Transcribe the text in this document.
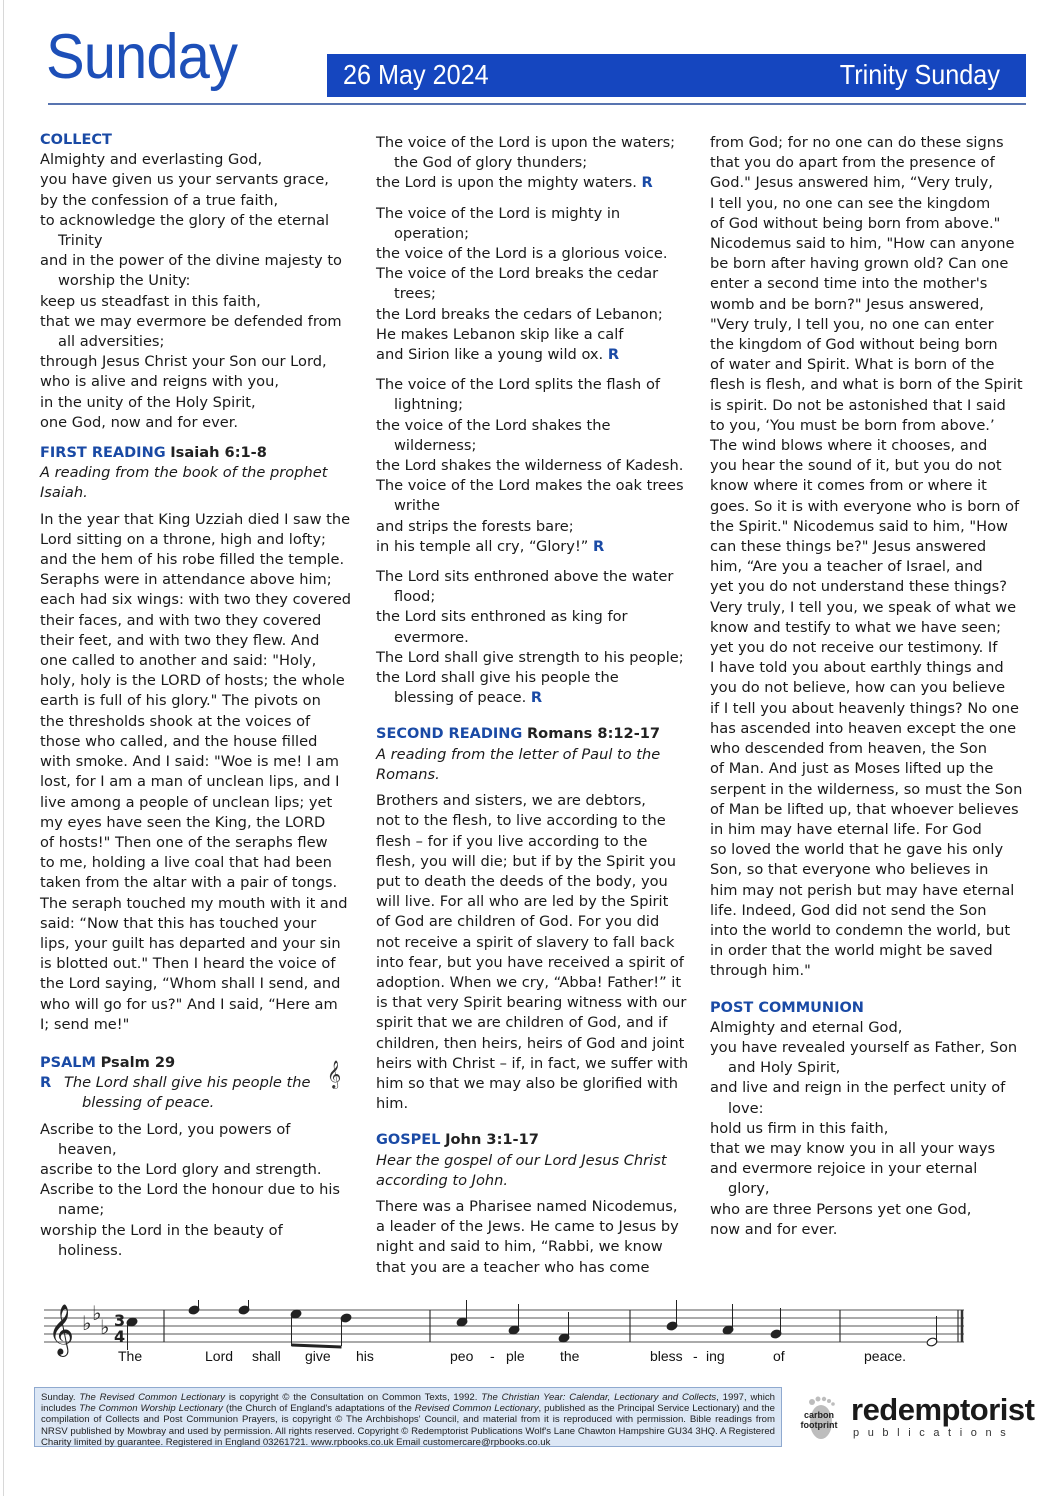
Sunday	26 May 2024	Trinity Sunday
COLLECT
Almighty and everlasting God,
you have given us your servants grace,
by the confession of a true faith,
to acknowledge the glory of the eternal
Trinity
and in the power of the divine majesty to
worship the Unity:
keep us steadfast in this faith,
that we may evermore be defended from
all adversities;
through Jesus Christ your Son our Lord,
who is alive and reigns with you,
in the unity of the Holy Spirit,
one God, now and for ever.
FIRST READING Isaiah 6:1-8
A reading from the book of the prophet
Isaiah.
In the year that King Uzziah died I saw the
Lord sitting on a throne, high and lofty;
and the hem of his robe filled the temple.
Seraphs were in attendance above him;
each had six wings: with two they covered
their faces, and with two they covered
their feet, and with two they flew. And
one called to another and said: "Holy,
holy, holy is the LORD of hosts; the whole
earth is full of his glory." The pivots on
the thresholds shook at the voices of
those who called, and the house filled
with smoke. And I said: "Woe is me! I am
lost, for I am a man of unclean lips, and I
live among a people of unclean lips; yet
my eyes have seen the King, the LORD
of hosts!" Then one of the seraphs flew
to me, holding a live coal that had been
taken from the altar with a pair of tongs.
The seraph touched my mouth with it and
said: “Now that this has touched your
lips, your guilt has departed and your sin
is blotted out." Then I heard the voice of
the Lord saying, “Whom shall I send, and
who will go for us?" And I said, “Here am
I; send me!"
PSALM Psalm 29
R The Lord shall give his people the
blessing of peace.
Ascribe to the Lord, you powers of
heaven,
ascribe to the Lord glory and strength.
Ascribe to the Lord the honour due to his
name;
worship the Lord in the beauty of
holiness.
𝄞
The voice of the Lord is upon the waters;
the God of glory thunders;
the Lord is upon the mighty waters. R
The voice of the Lord is mighty in
operation;
the voice of the Lord is a glorious voice.
The voice of the Lord breaks the cedar
trees;
the Lord breaks the cedars of Lebanon;
He makes Lebanon skip like a calf
and Sirion like a young wild ox. R
The voice of the Lord splits the flash of
lightning;
the voice of the Lord shakes the
wilderness;
the Lord shakes the wilderness of Kadesh.
The voice of the Lord makes the oak trees
writhe
and strips the forests bare;
in his temple all cry, “Glory!” R
The Lord sits enthroned above the water
flood;
the Lord sits enthroned as king for
evermore.
The Lord shall give strength to his people;
the Lord shall give his people the
blessing of peace. R
SECOND READING Romans 8:12-17
A reading from the letter of Paul to the
Romans.
Brothers and sisters, we are debtors,
not to the flesh, to live according to the
flesh – for if you live according to the
flesh, you will die; but if by the Spirit you
put to death the deeds of the body, you
will live. For all who are led by the Spirit
of God are children of God. For you did
not receive a spirit of slavery to fall back
into fear, but you have received a spirit of
adoption. When we cry, “Abba! Father!” it
is that very Spirit bearing witness with our
spirit that we are children of God, and if
children, then heirs, heirs of God and joint
heirs with Christ – if, in fact, we suffer with
him so that we may also be glorified with
him.
GOSPEL John 3:1-17
Hear the gospel of our Lord Jesus Christ
according to John.
There was a Pharisee named Nicodemus,
a leader of the Jews. He came to Jesus by
night and said to him, “Rabbi, we know
that you are a teacher who has come
from God; for no one can do these signs
that you do apart from the presence of
God." Jesus answered him, “Very truly,
I tell you, no one can see the kingdom
of God without being born from above."
Nicodemus said to him, "How can anyone
be born after having grown old? Can one
enter a second time into the mother's
womb and be born?" Jesus answered,
"Very truly, I tell you, no one can enter
the kingdom of God without being born
of water and Spirit. What is born of the
flesh is flesh, and what is born of the Spirit
is spirit. Do not be astonished that I said
to you, ‘You must be born from above.’
The wind blows where it chooses, and
you hear the sound of it, but you do not
know where it comes from or where it
goes. So it is with everyone who is born of
the Spirit." Nicodemus said to him, "How
can these things be?" Jesus answered
him, “Are you a teacher of Israel, and
yet you do not understand these things?
Very truly, I tell you, we speak of what we
know and testify to what we have seen;
yet you do not receive our testimony. If
I have told you about earthly things and
you do not believe, how can you believe
if I tell you about heavenly things? No one
has ascended into heaven except the one
who descended from heaven, the Son
of Man. And just as Moses lifted up the
serpent in the wilderness, so must the Son
of Man be lifted up, that whoever believes
in him may have eternal life. For God
so loved the world that he gave his only
Son, so that everyone who believes in
him may not perish but may have eternal
life. Indeed, God did not send the Son
into the world to condemn the world, but
in order that the world might be saved
through him."
POST COMMUNION
Almighty and eternal God,
you have revealed yourself as Father, Son
and Holy Spirit,
and live and reign in the perfect unity of
love:
hold us firm in this faith,
that we may know you in all your ways
and evermore rejoice in your eternal
glory,
who are three Persons yet one God,
now and for ever.
𝄞 ♭ ♭
♭ 3
4
The	Lord shall give his	peo - ple	the	bless - ing	of	peace.
Sunday. The Revised Common Lectionary is copyright © the Consultation on Common Texts, 1992. The Christian Year: Calendar, Lectionary and Collects, 1997, which includes The Common Worship Lectionary (the Church of England's adaptations of the Revised Common Lectionary, published as the Principal Service Lectionary) and the compilation of Collects and Post Communion Prayers, is copyright © The Archbishops' Council, and material from it is reproduced with permission. Bible readings from NRSV published by Mowbray and used by permission. All rights reserved. Copyright © Redemptorist Publications Wolf's Lane Chawton Hampshire GU34 3HQ. A Registered Charity limited by guarantee. Registered in England 03261721. www.rpbooks.co.uk Email customercare@rpbooks.co.uk
carbon
footprint redemptorist
publications
